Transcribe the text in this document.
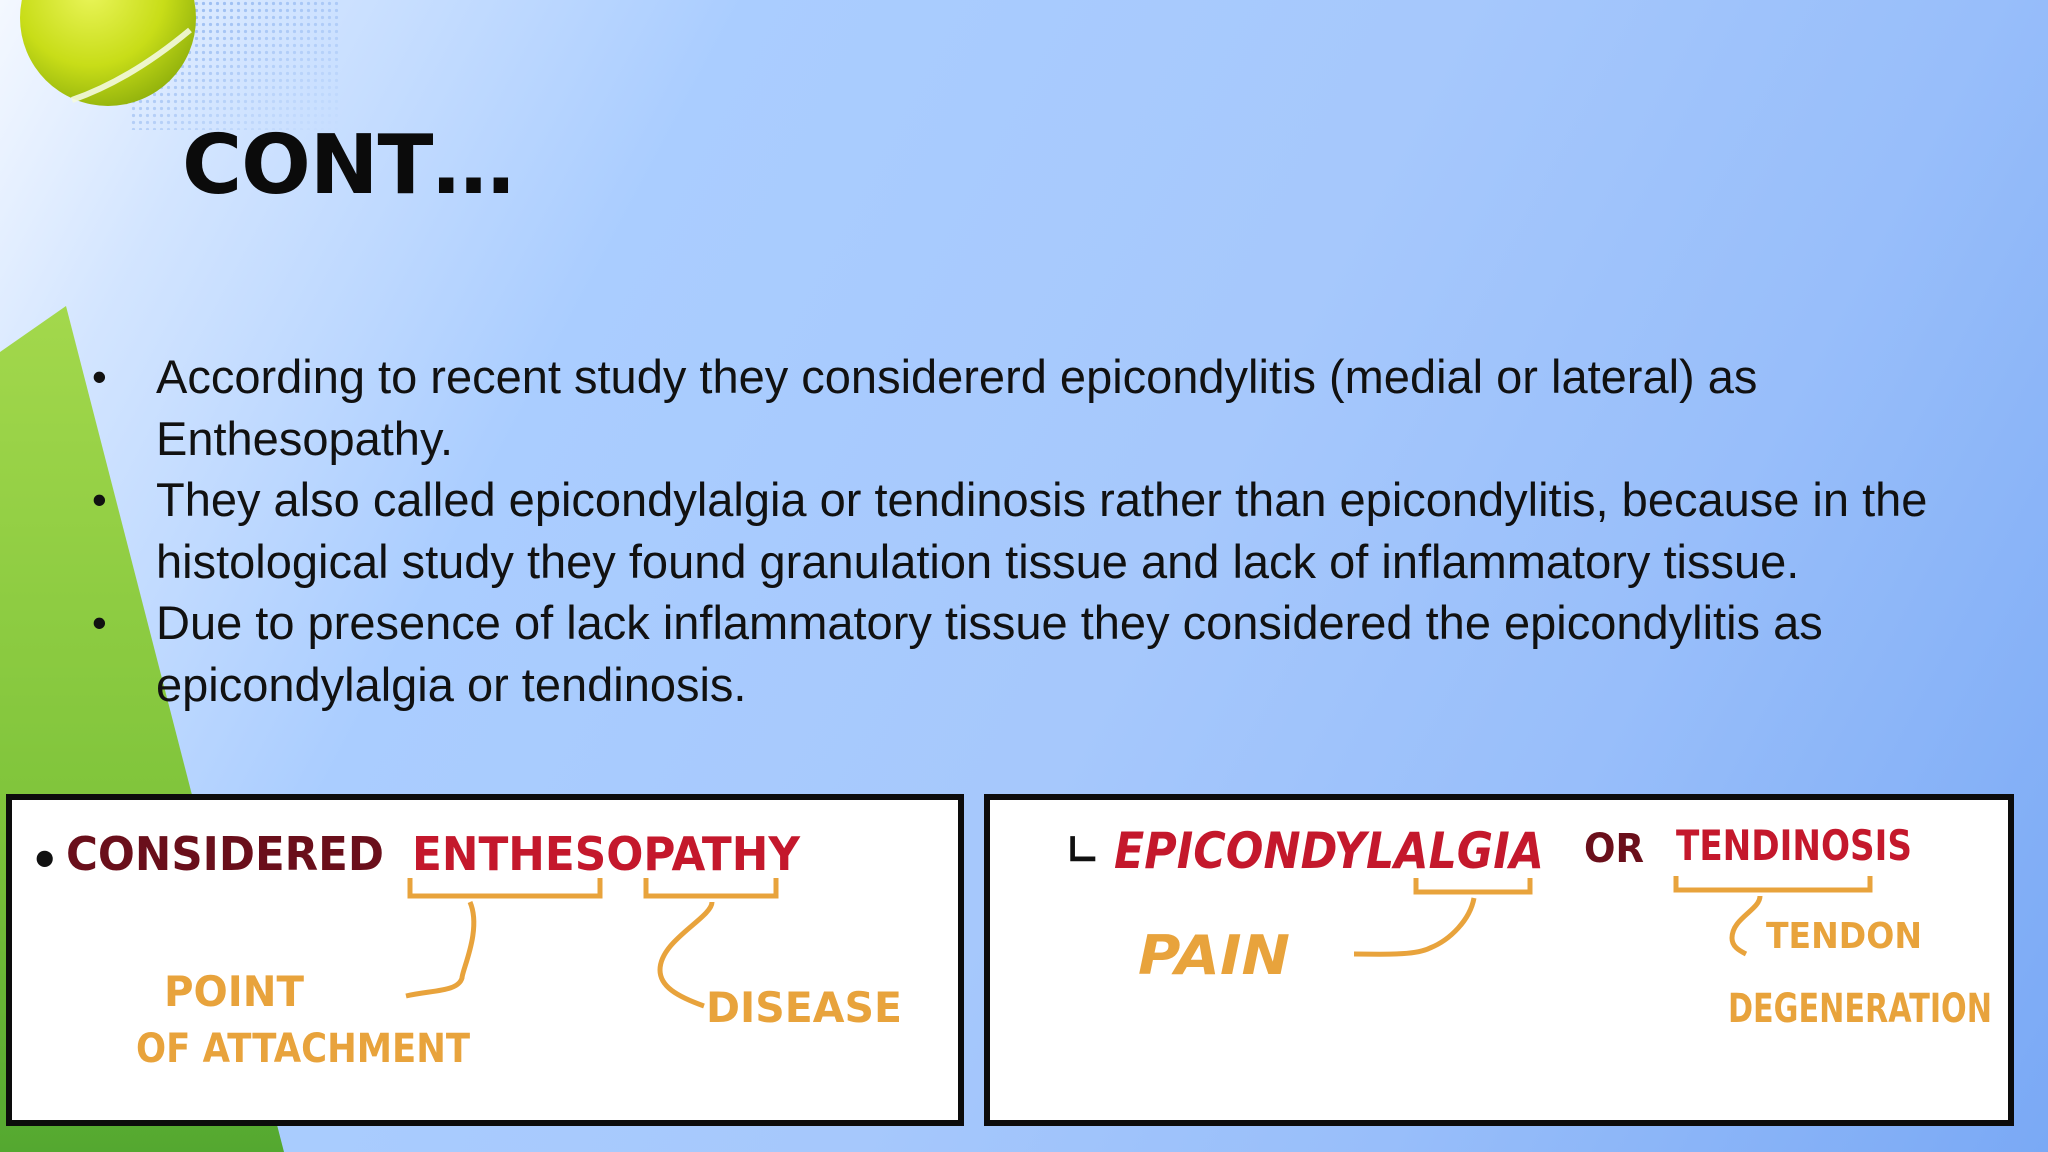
CONT…
• According to recent study they considererd epicondylitis (medial or lateral) as Enthesopathy.
• They also called epicondylalgia or tendinosis rather than epicondylitis, because in the histological study they found granulation tissue and lack of inflammatory tissue.
• Due to presence of lack inflammatory tissue they considered the epicondylitis as epicondylalgia or tendinosis.
• CONSIDERED ENTHESOPATHY
POINT
OF ATTACHMENT
DISEASE
∟ EPICONDYLALGIA OR TENDINOSIS
PAIN	TENDON
DEGENERATION
